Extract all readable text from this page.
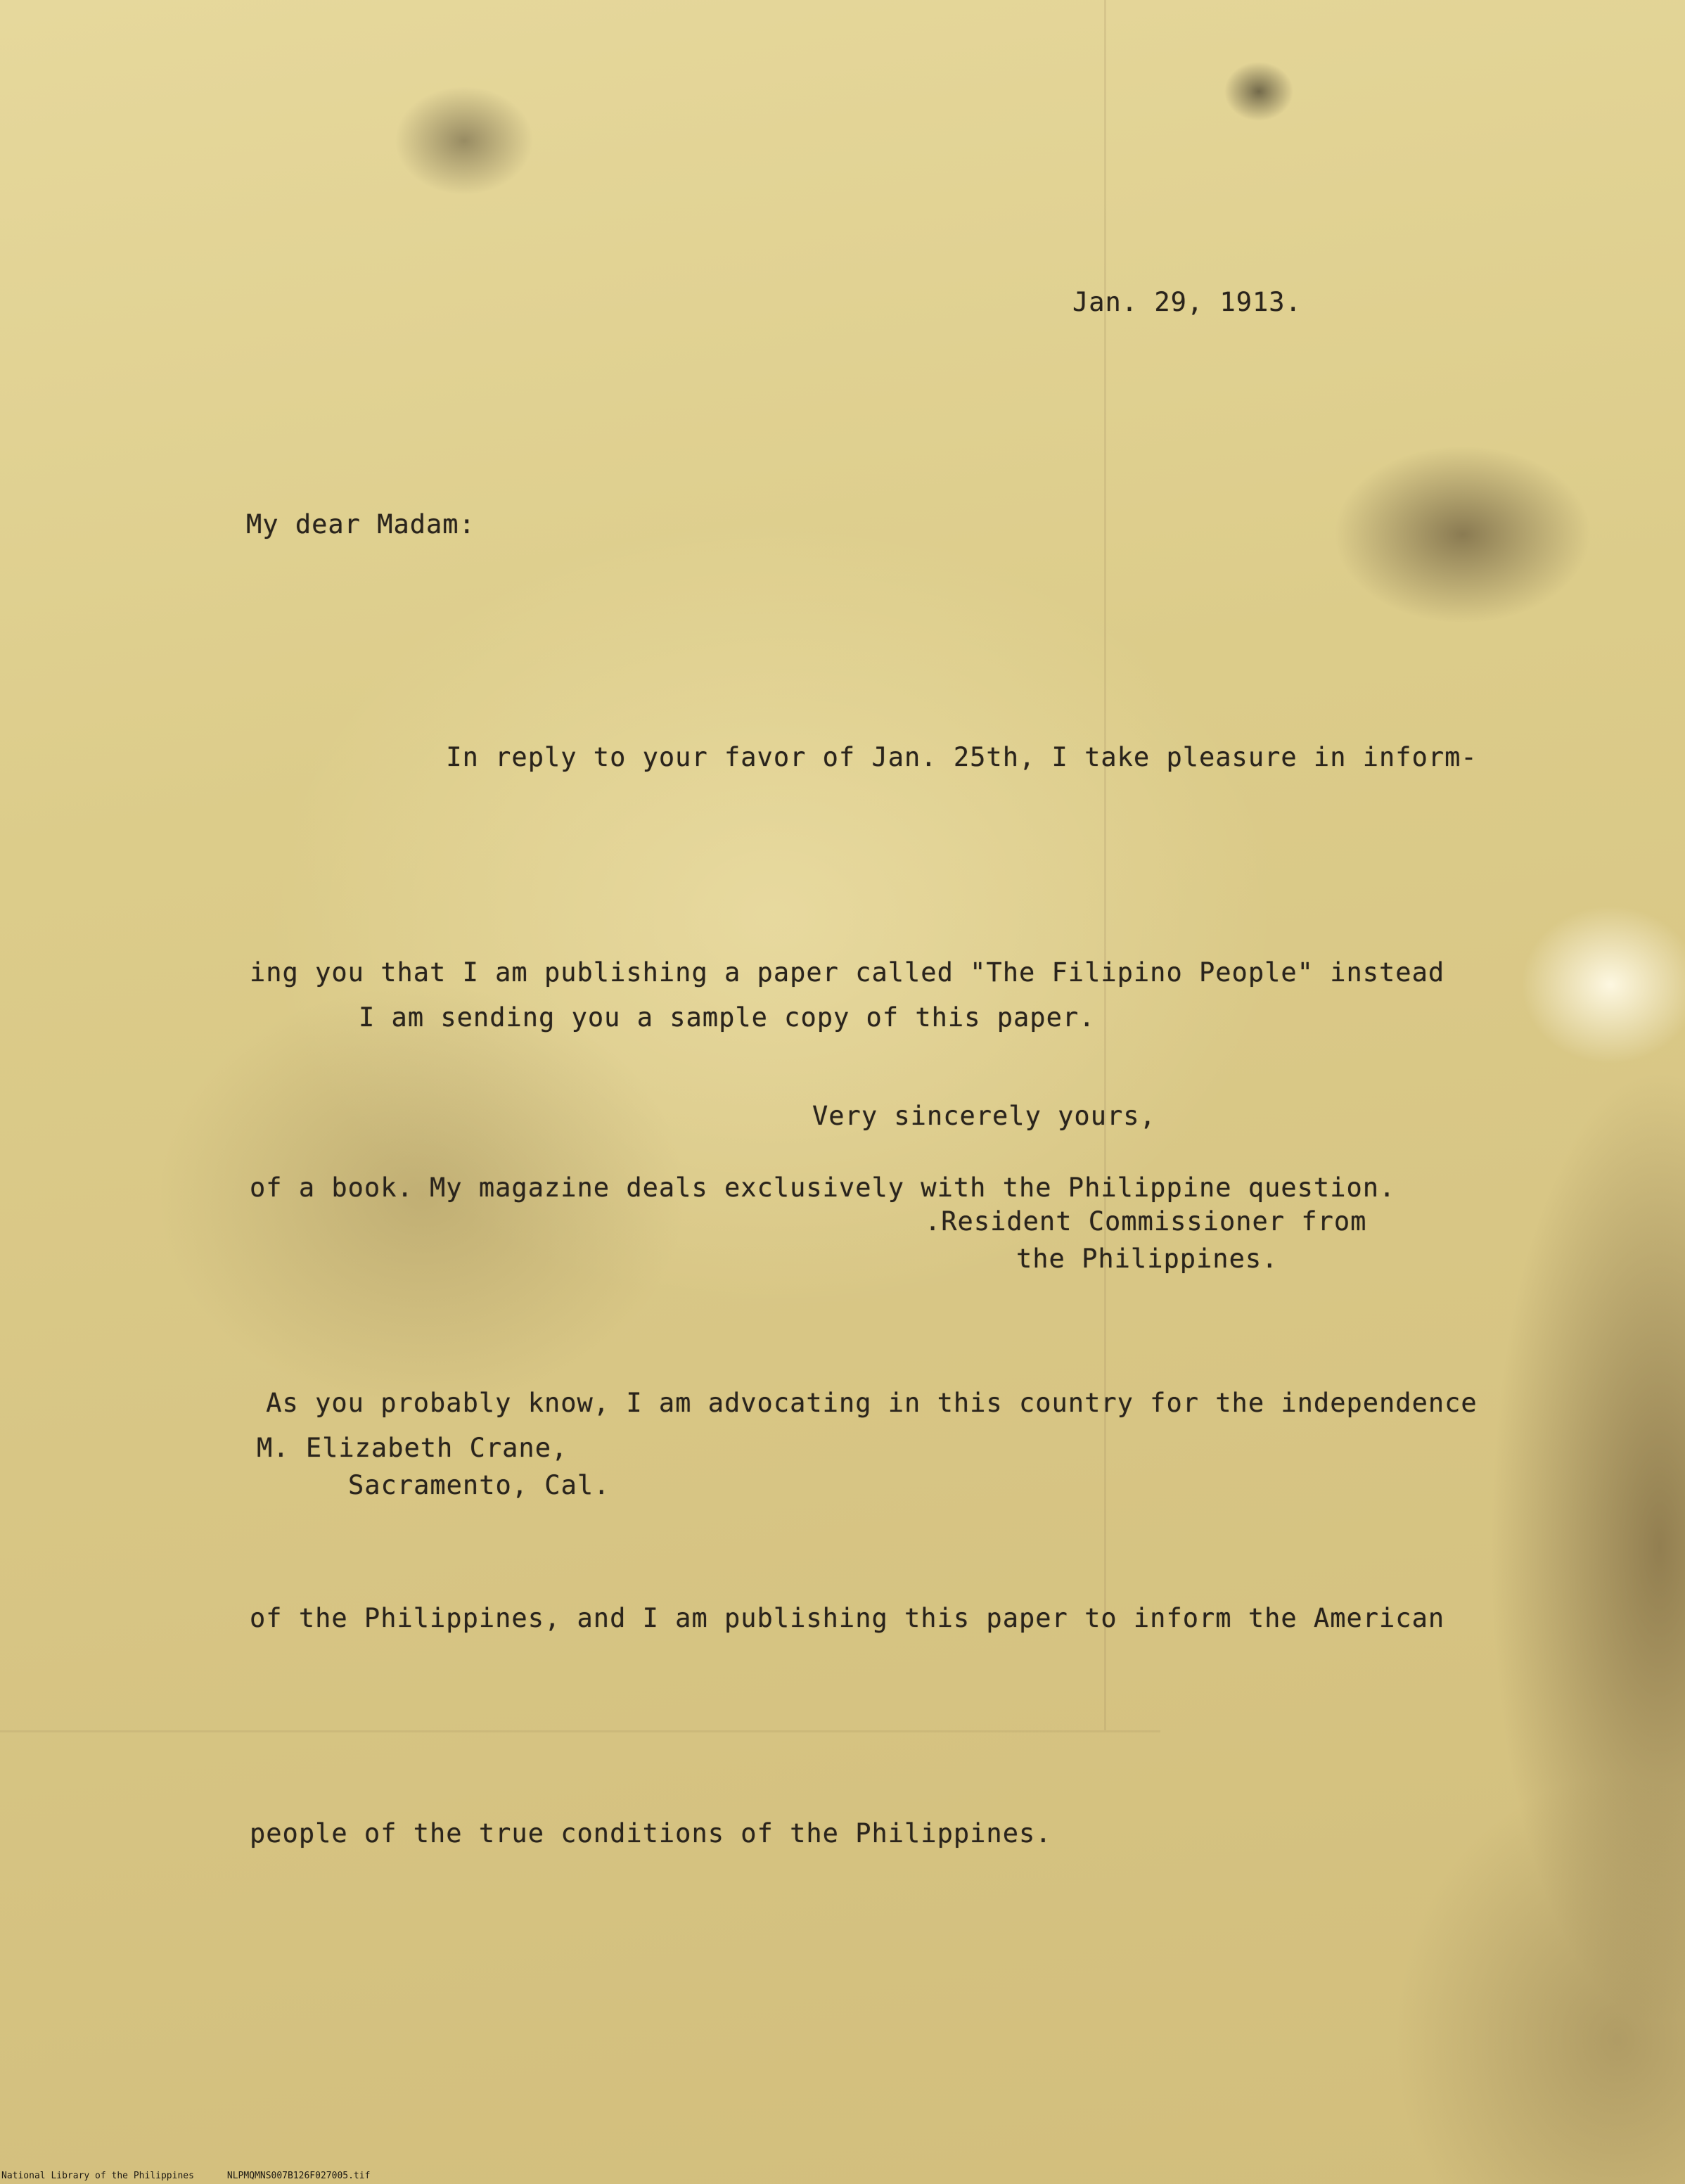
Jan. 29, 1913.
My dear Madam:

In reply to your favor of Jan. 25th, I take pleasure in inform-

ing you that I am publishing a paper called "The Filipino People" instead

of a book. My magazine deals exclusively with the Philippine question.

As you probably know, I am advocating in this country for the independence

of the Philippines, and I am publishing this paper to inform the American

people of the true conditions of the Philippines.

I am sending you a sample copy of this paper.
Very sincerely yours,
.Resident Commissioner from
the Philippines.
M. Elizabeth Crane,
Sacramento, Cal.
National Library of the Philippines	NLPMQMNS007B126F027005.tif
